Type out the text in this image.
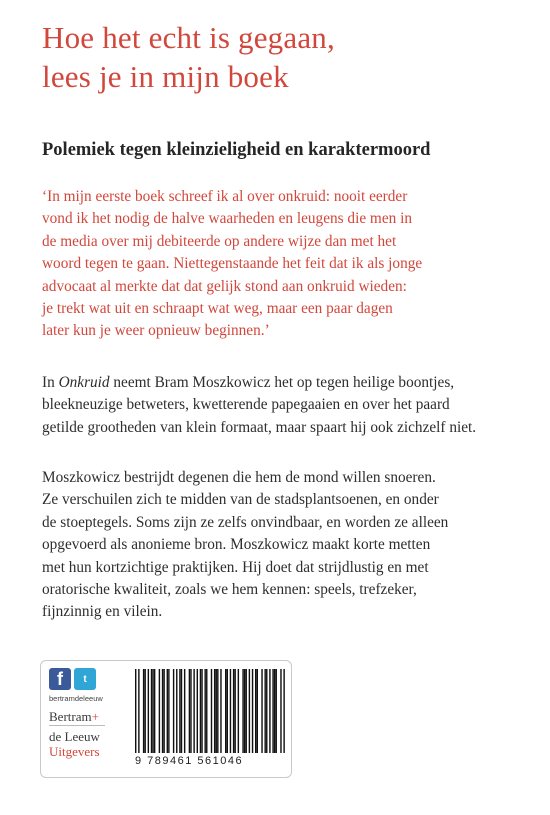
Hoe het echt is gegaan,
lees je in mijn boek

Polemiek tegen kleinzieligheid en karaktermoord

‘In mijn eerste boek schreef ik al over onkruid: nooit eerder
vond ik het nodig de halve waarheden en leugens die men in
de media over mij debiteerde op andere wijze dan met het
woord tegen te gaan. Niettegenstaande het feit dat ik als jonge
advocaat al merkte dat dat gelijk stond aan onkruid wieden:
je trekt wat uit en schraapt wat weg, maar een paar dagen
later kun je weer opnieuw beginnen.’

In Onkruid neemt Bram Moszkowicz het op tegen heilige boontjes,
bleekneuzige betweters, kwetterende papegaaien en over het paard
getilde grootheden van klein formaat, maar spaart hij ook zichzelf niet.

Moszkowicz bestrijdt degenen die hem de mond willen snoeren.
Ze verschuilen zich te midden van de stadsplantsoenen, en onder
de stoeptegels. Soms zijn ze zelfs onvindbaar, en worden ze alleen
opgevoerd als anonieme bron. Moszkowicz maakt korte metten
met hun kortzichtige praktijken. Hij doet dat strijdlustig en met
oratorische kwaliteit, zoals we hem kennen: speels, trefzeker,
fijnzinnig en vilein.

f	t
bertramdeleeuw
Bertram+
de Leeuw
Uitgevers
9 789461 561046
